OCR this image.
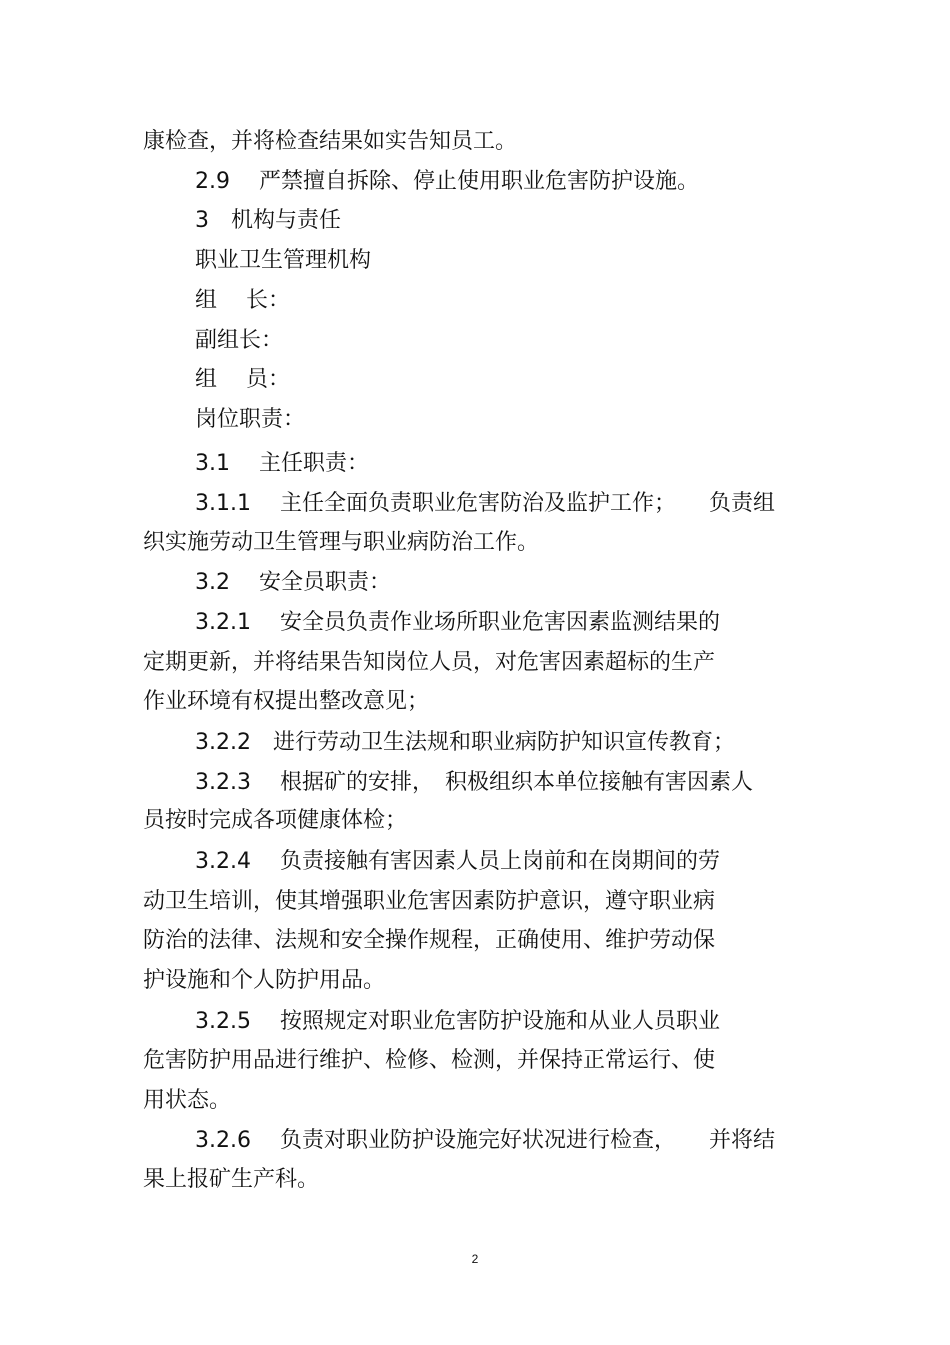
康检查，并将检查结果如实告知员工。
2.9　 严禁擅自拆除、停止使用职业危害防护设施。
3　机构与责任
职业卫生管理机构
组　 长：
副组长：
组　 员：
岗位职责：
3.1　 主任职责：
3.1.1　 主任全面负责职业危害防治及监护工作；　　负责组
织实施劳动卫生管理与职业病防治工作。
3.2　 安全员职责：
3.2.1　 安全员负责作业场所职业危害因素监测结果的
定期更新，并将结果告知岗位人员，对危害因素超标的生产
作业环境有权提出整改意见；
3.2.2　进行劳动卫生法规和职业病防护知识宣传教育；
3.2.3　 根据矿的安排，　积极组织本单位接触有害因素人
员按时完成各项健康体检；
3.2.4　 负责接触有害因素人员上岗前和在岗期间的劳
动卫生培训，使其增强职业危害因素防护意识，遵守职业病
防治的法律、法规和安全操作规程，正确使用、维护劳动保
护设施和个人防护用品。
3.2.5　 按照规定对职业危害防护设施和从业人员职业
危害防护用品进行维护、检修、检测，并保持正常运行、使
用状态。
3.2.6　 负责对职业防护设施完好状况进行检查，　　并将结
果上报矿生产科。
2
